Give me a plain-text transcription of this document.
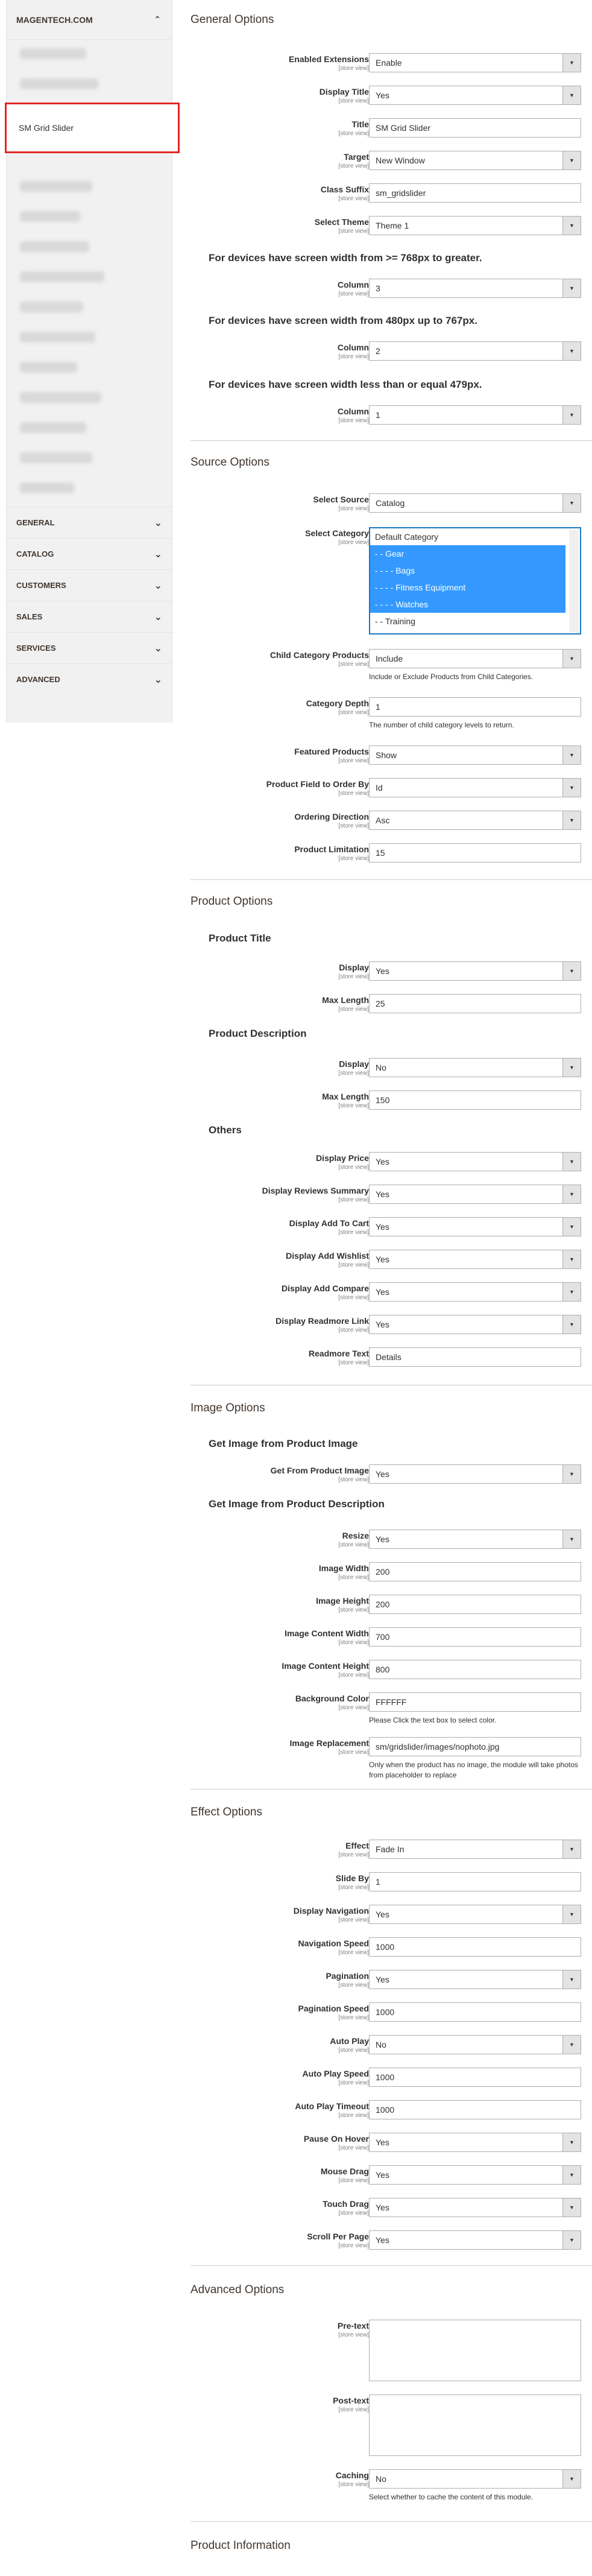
MAGENTECH.COM	⌃
GENERAL	⌄
CATALOG	⌄
CUSTOMERS	⌄
SALES	⌄
SERVICES	⌄
ADVANCED	⌄
SM Grid Slider
General Options
Enabled Extensions
[store view]
Enable	▼
Display Title
[store view]
Yes	▼
Title
[store view]
SM Grid Slider
Target
[store view]
New Window	▼
Class Suffix
[store view]
sm_gridslider
Select Theme
[store view]
Theme 1	▼
For devices have screen width from >= 768px to greater.
Column
[store view]
3	▼
For devices have screen width from 480px up to 767px.
Column
[store view]
2	▼
For devices have screen width less than or equal 479px.
Column
[store view]
1	▼
Source Options
Select Source
[store view]
Catalog	▼
Select Category
[store view]
Default Category
- - Gear
- - - - Bags
- - - - Fitness Equipment
- - - - Watches
- - Training
Child Category Products
[store view]
Include	▼
Include or Exclude Products from Child Categories.
Category Depth
[store view]
1
The number of child category levels to return.
Featured Products
[store view]
Show	▼
Product Field to Order By
[store view]
Id	▼
Ordering Direction
[store view]
Asc	▼
Product Limitation
[store view]
15
Product Options
Product Title
Display
[store view]
Yes	▼
Max Length
[store view]
25
Product Description
Display
[store view]
No	▼
Max Length
[store view]
150
Others
Display Price
[store view]
Yes	▼
Display Reviews Summary
[store view]
Yes	▼
Display Add To Cart
[store view]
Yes	▼
Display Add Wishlist
[store view]
Yes	▼
Display Add Compare
[store view]
Yes	▼
Display Readmore Link
[store view]
Yes	▼
Readmore Text
[store view]
Details
Image Options
Get Image from Product Image
Get From Product Image
[store view]
Yes	▼
Get Image from Product Description
Resize
[store view]
Yes	▼
Image Width
[store view]
200
Image Height
[store view]
200
Image Content Width
[store view]
700
Image Content Height
[store view]
800
Background Color
[store view]
FFFFFF
Please Click the text box to select color.
Image Replacement
[store view]
sm/gridslider/images/nophoto.jpg
Only when the product has no image, the module will take photos from placeholder to replace
Effect Options
Effect
[store view]
Fade In	▼
Slide By
[store view]
1
Display Navigation
[store view]
Yes	▼
Navigation Speed
[store view]
1000
Pagination
[store view]
Yes	▼
Pagination Speed
[store view]
1000
Auto Play
[store view]
No	▼
Auto Play Speed
[store view]
1000
Auto Play Timeout
[store view]
1000
Pause On Hover
[store view]
Yes	▼
Mouse Drag
[store view]
Yes	▼
Touch Drag
[store view]
Yes	▼
Scroll Per Page
[store view]
Yes	▼
Advanced Options
Pre-text
[store view]
Post-text
[store view]
Caching
[store view]
No	▼
Select whether to cache the content of this module.
Product Information
